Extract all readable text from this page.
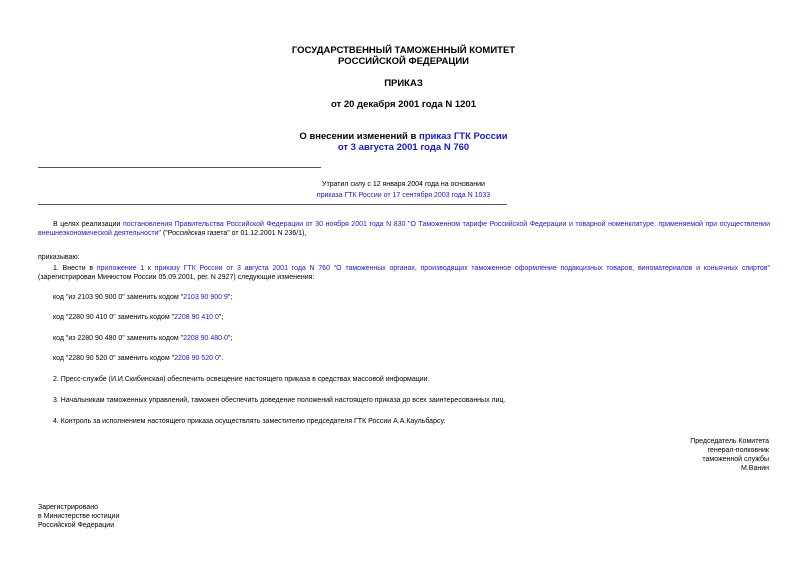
ГОСУДАРСТВЕННЫЙ ТАМОЖЕННЫЙ КОМИТЕТ
РОССИЙСКОЙ ФЕДЕРАЦИИ
ПРИКАЗ
от 20 декабря 2001 года N 1201
О внесении изменений в приказ ГТК России
от 3 августа 2001 года N 760
Утратил силу с 12 января 2004 года на основании
приказа ГТК России от 17 сентября 2003 года N 1033
В целях реализации постановления Правительства Российской Федерации от 30 ноября 2001 года N 830 "О Таможенном тарифе Российской Федерации и товарной номенклатуре, применяемой при осуществлении внешнеэкономической деятельности" ("Российская газета" от 01.12.2001 N 236/1),
приказываю:
1. Внести в приложение 1 к приказу ГТК России от 3 августа 2001 года N 760 "О таможенных органах, производящих таможенное оформление подакцизных товаров, виноматериалов и коньячных спиртов" (зарегистрирован Минюстом России 05.09.2001, рег. N 2927) следующие изменения:
код "из 2103 90 900 0" заменить кодом "2103 90 900 9";
код "2280 90 410 0" заменить кодом "2208 90 410 0";
код "из 2280 90 480 0" заменить кодом "2208 90 480 0";
код "2280 90 520 0" заменить кодом "2208 90 520 0".
2. Пресс-службе (И.И.Скибинская) обеспечить освещение настоящего приказа в средствах массовой информации.
3. Начальникам таможенных управлений, таможен обеспечить доведение положений настоящего приказа до всех заинтересованных лиц.
4. Контроль за исполнением настоящего приказа осуществлять заместителю председателя ГТК России А.А.Каульбарсу.
Председатель Комитета
генерал-полковник
таможенной службы
М.Ванин
Зарегистрировано
в Министерстве юстиции
Российской Федерации
